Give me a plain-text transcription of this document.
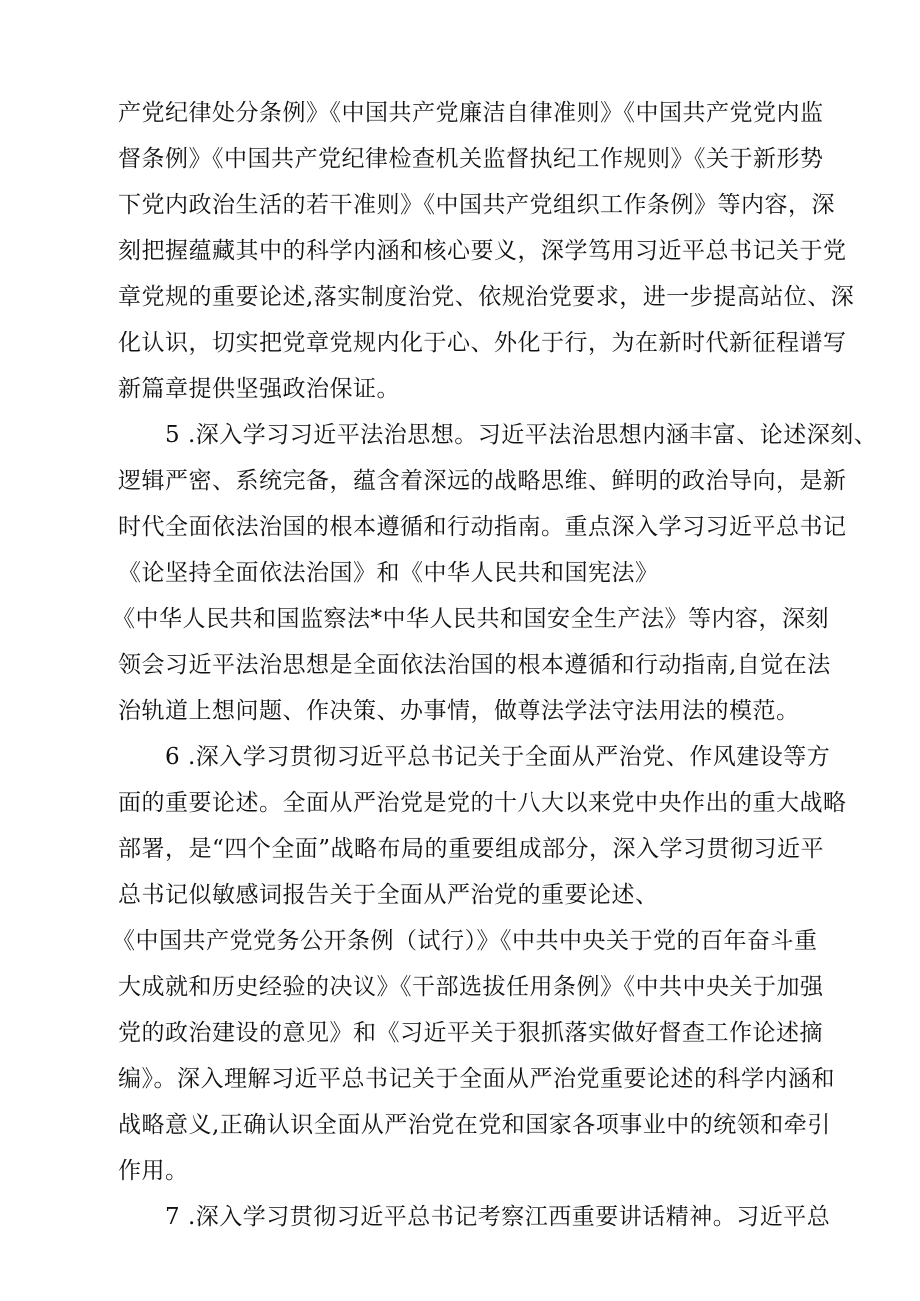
产党纪律处分条例》《中国共产党廉洁自律准则》《中国共产党党内监
督条例》《中国共产党纪律检查机关监督执纪工作规则》《关于新形势
下党内政治生活的若干准则》《中国共产党组织工作条例》等内容，深
刻把握蕴藏其中的科学内涵和核心要义，深学笃用习近平总书记关于党
章党规的重要论述,落实制度治党、依规治党要求，进一步提高站位、深
化认识，切实把党章党规内化于心、外化于行，为在新时代新征程谱写
新篇章提供坚强政治保证。
5 .深入学习习近平法治思想。习近平法治思想内涵丰富、论述深刻、
逻辑严密、系统完备，蕴含着深远的战略思维、鲜明的政治导向，是新
时代全面依法治国的根本遵循和行动指南。重点深入学习习近平总书记
《论坚持全面依法治国》和《中华人民共和国宪法》
《中华人民共和国监察法*中华人民共和国安全生产法》等内容，深刻
领会习近平法治思想是全面依法治国的根本遵循和行动指南,自觉在法
治轨道上想问题、作决策、办事情，做尊法学法守法用法的模范。
6 .深入学习贯彻习近平总书记关于全面从严治党、作风建设等方
面的重要论述。全面从严治党是党的十八大以来党中央作出的重大战略
部署，是“四个全面”战略布局的重要组成部分，深入学习贯彻习近平
总书记似敏感词报告关于全面从严治党的重要论述、
《中国共产党党务公开条例（试行）》《中共中央关于党的百年奋斗重
大成就和历史经验的决议》《干部选拔任用条例》《中共中央关于加强
党的政治建设的意见》和《习近平关于狠抓落实做好督查工作论述摘
编》。深入理解习近平总书记关于全面从严治党重要论述的科学内涵和
战略意义,正确认识全面从严治党在党和国家各项事业中的统领和牵引
作用。
7 .深入学习贯彻习近平总书记考察江西重要讲话精神。习近平总
